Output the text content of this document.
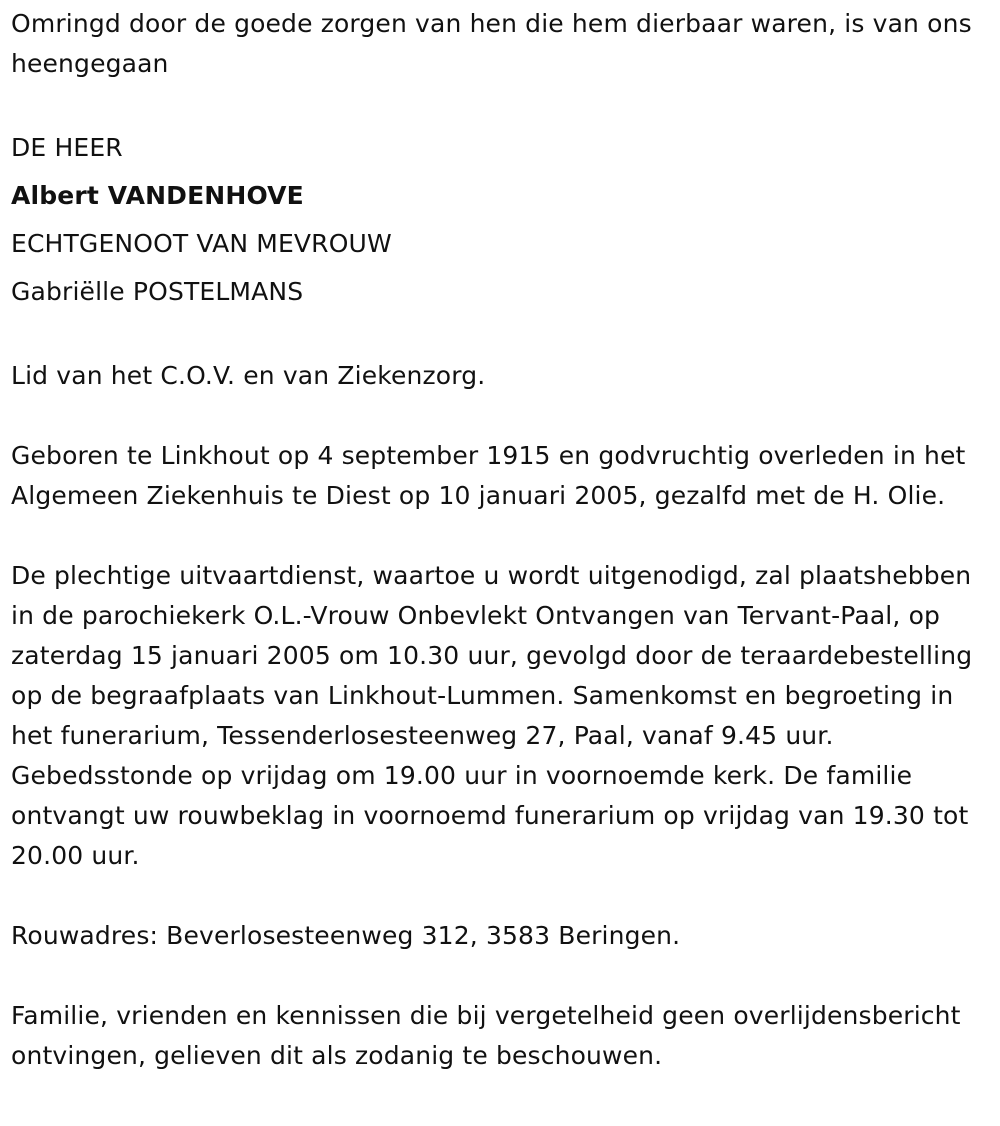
Omringd door de goede zorgen van hen die hem dierbaar waren, is van ons heengegaan

DE HEER

Albert VANDENHOVE

ECHTGENOOT VAN MEVROUW

Gabriëlle POSTELMANS

Lid van het C.O.V. en van Ziekenzorg.

Geboren te Linkhout op 4 september 1915 en godvruchtig overleden in het Algemeen Ziekenhuis te Diest op 10 januari 2005, gezalfd met de H. Olie.

De plechtige uitvaartdienst, waartoe u wordt uitgenodigd, zal plaatshebben in de parochiekerk O.L.-Vrouw Onbevlekt Ontvangen van Tervant-Paal, op zaterdag 15 januari 2005 om 10.30 uur, gevolgd door de teraardebestelling op de begraafplaats van Linkhout-Lummen. Samenkomst en begroeting in het funerarium, Tessenderlosesteenweg 27, Paal, vanaf 9.45 uur. Gebedsstonde op vrijdag om 19.00 uur in voornoemde kerk. De familie ontvangt uw rouwbeklag in voornoemd funerarium op vrijdag van 19.30 tot 20.00 uur.

Rouwadres: Beverlosesteenweg 312, 3583 Beringen.

Familie, vrienden en kennissen die bij vergetelheid geen overlijdensbericht ontvingen, gelieven dit als zodanig te beschouwen.
